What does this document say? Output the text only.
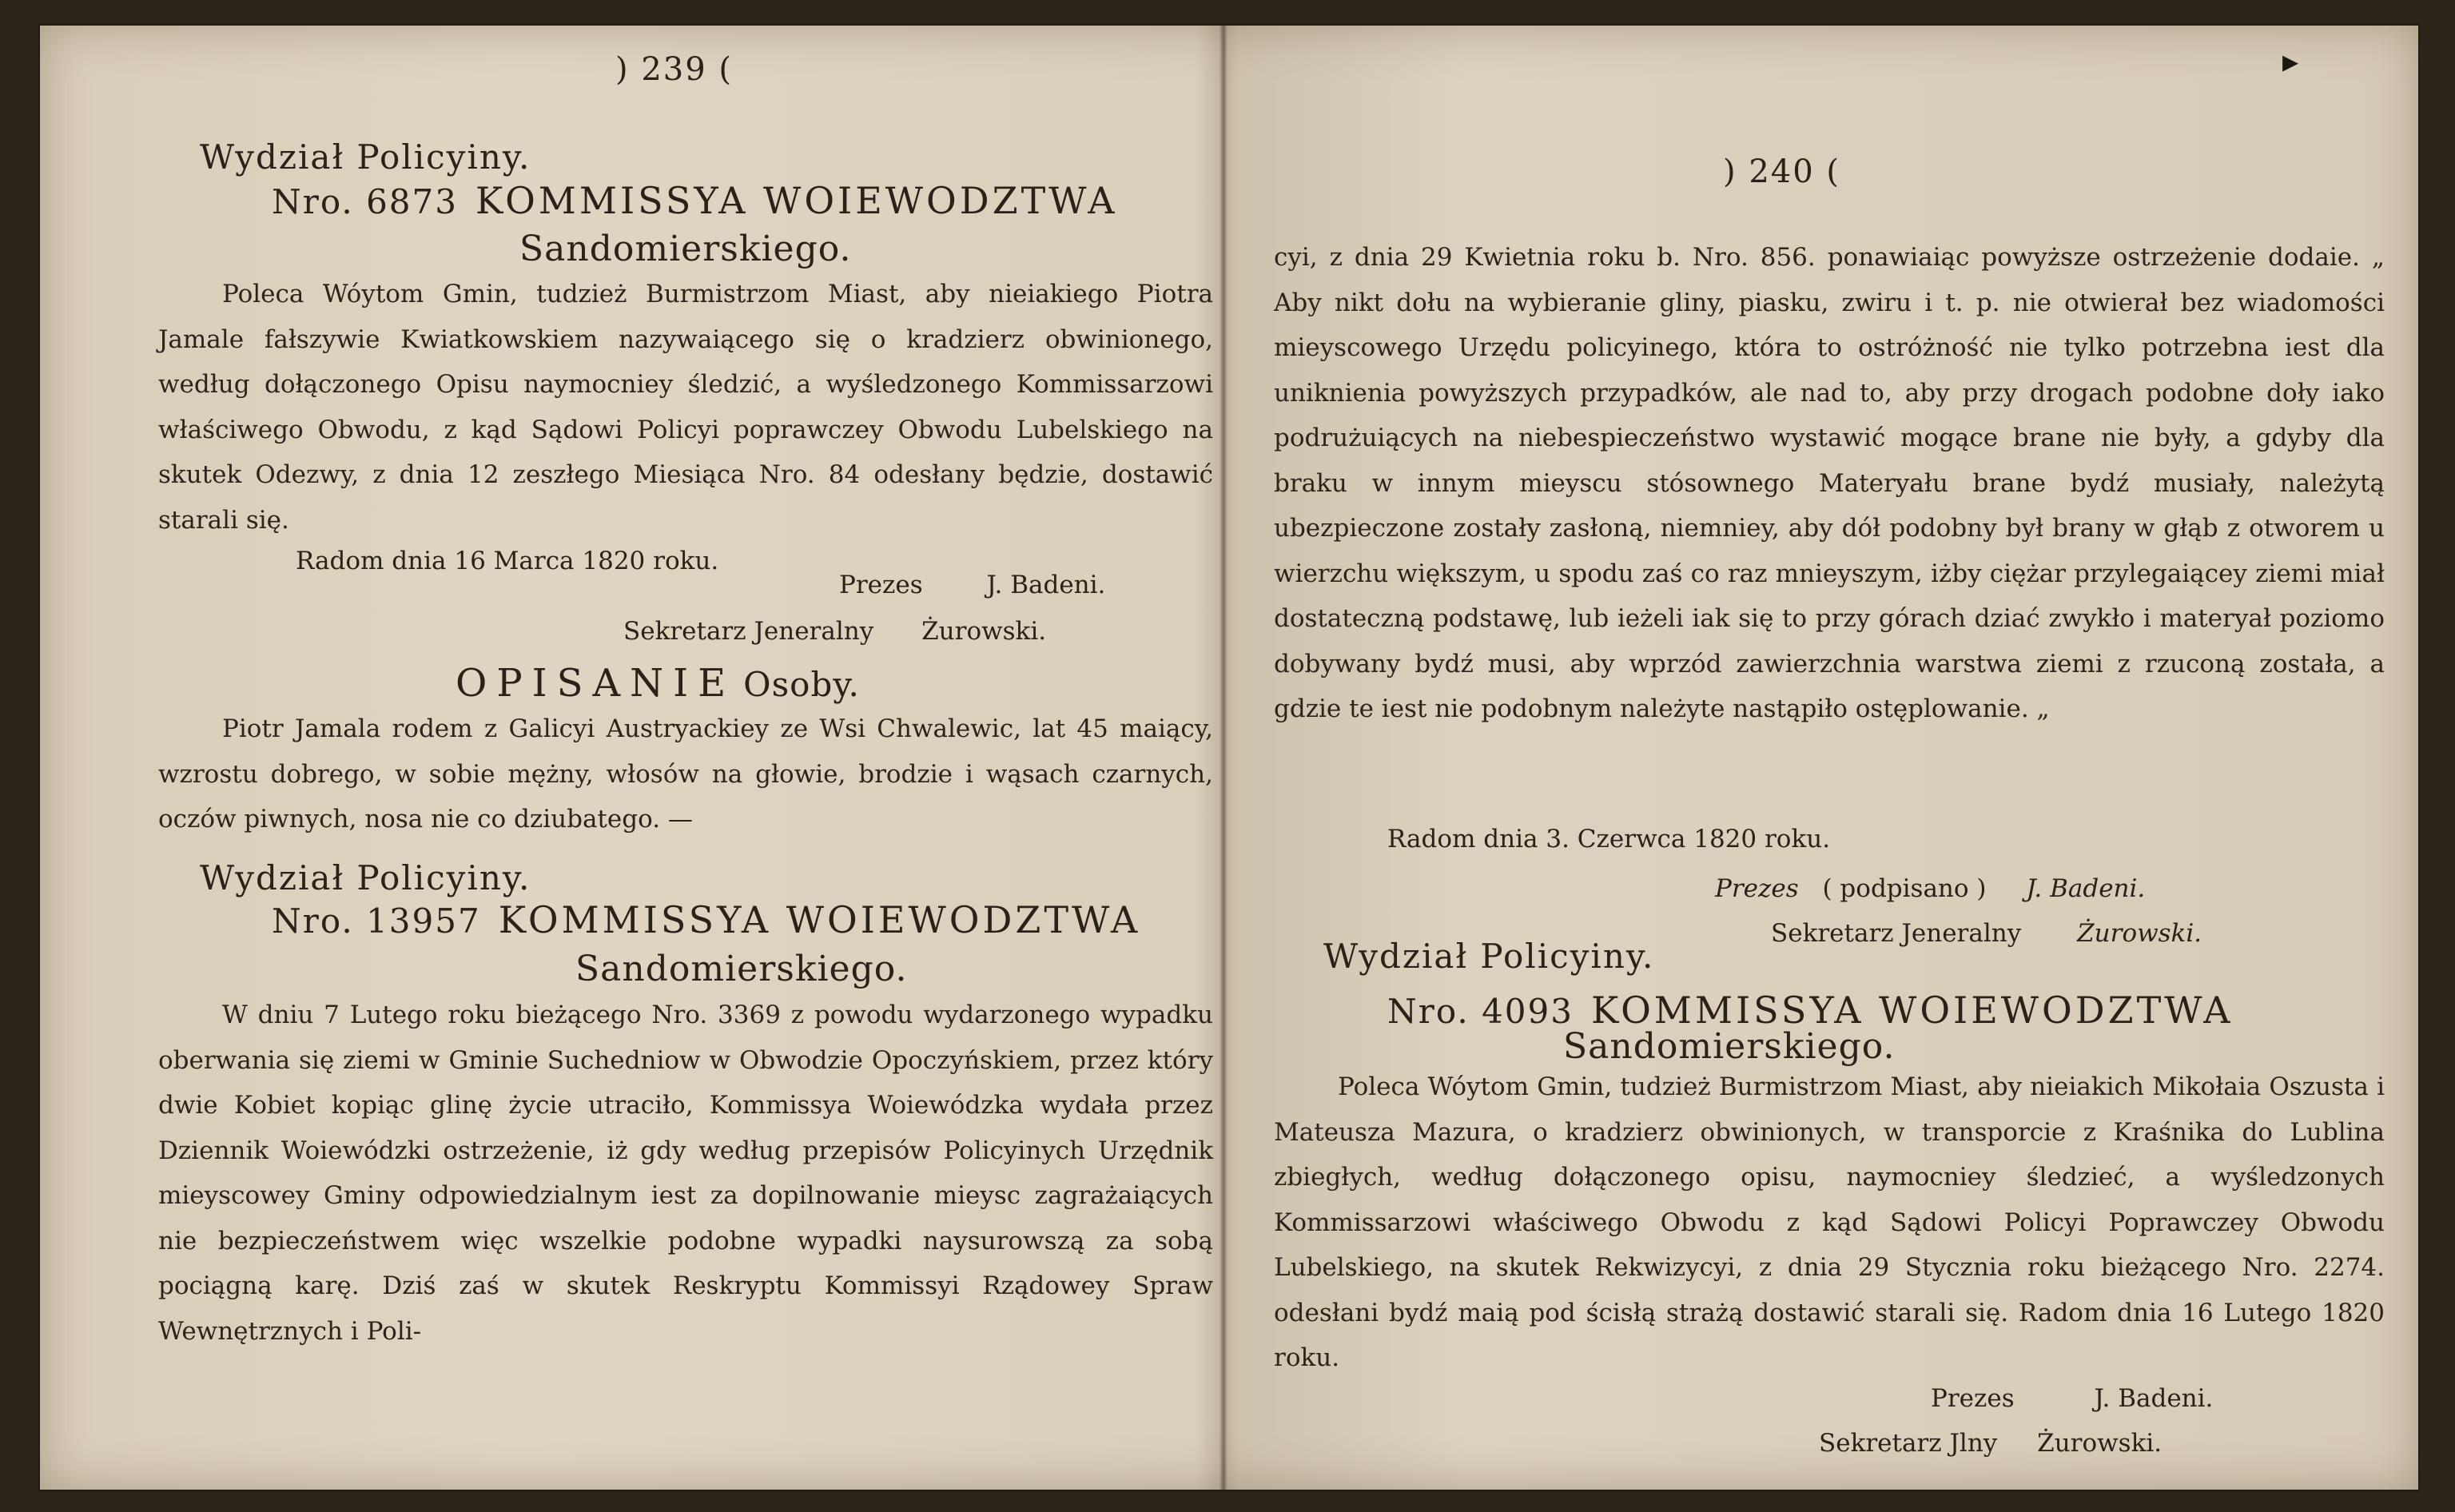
) 239 (
Wydział Policyiny.
Nro. 6873 KOMMISSYA WOIEWODZTWA
Sandomierskiego.
Poleca Wóytom Gmin, tudzież Burmistrzom Miast, aby nieiakiego Piotra Jamale fałszywie Kwiatkowskiem nazywaiącego się o kradzierz obwinionego, według dołączonego Opisu naymocniey śledzić, a wyśledzonego Kommissarzowi właściwego Obwodu, z kąd Sądowi Policyi poprawczey Obwodu Lubelskiego na skutek Odezwy, z dnia 12 zeszłego Miesiąca Nro. 84 odesłany będzie, dostawić starali się.
Radom dnia 16 Marca 1820 roku.
Prezes	J. Badeni.
Sekretarz Jeneralny Żurowski.
OPISANIE Osoby.
Piotr Jamala rodem z Galicyi Austryackiey ze Wsi Chwalewic, lat 45 maiący, wzrostu dobrego, w sobie mężny, włosów na głowie, brodzie i wąsach czarnych, oczów piwnych, nosa nie co dziubatego. —
Wydział Policyiny.
Nro. 13957 KOMMISSYA WOIEWODZTWA
Sandomierskiego.
W dniu 7 Lutego roku bieżącego Nro. 3369 z powodu wydarzonego wypadku oberwania się ziemi w Gminie Suchedniow w Obwodzie Opoczyńskiem, przez który dwie Kobiet kopiąc glinę życie utraciło, Kommissya Woiewódzka wydała przez Dziennik Woiewódzki ostrzeżenie, iż gdy według przepisów Policyinych Urzędnik mieyscowey Gminy odpowiedzialnym iest za dopilnowanie mieysc zagrażaiących nie bezpieczeństwem więc wszelkie podobne wypadki naysurowszą za sobą pociągną karę. Dziś zaś w skutek Reskryptu Kommissyi Rządowey Spraw Wewnętrznych i Poli-
▸
) 240 (
cyi, z dnia 29 Kwietnia roku b. Nro. 856. ponawiaiąc powyższe ostrzeżenie dodaie. „ Aby nikt dołu na wybieranie gliny, piasku, zwiru i t. p. nie otwierał bez wiadomości mieyscowego Urzędu policyinego, która to ostróżność nie tylko potrzebna iest dla uniknienia powyższych przypadków, ale nad to, aby przy drogach podobne doły iako podrużuiących na niebespieczeństwo wystawić mogące brane nie były, a gdyby dla braku w innym mieyscu stósownego Materyału brane bydź musiały, należytą ubezpieczone zostały zasłoną, niemniey, aby dół podobny był brany w głąb z otworem u wierzchu większym, u spodu zaś co raz mnieyszym, iżby ciężar przylegaiącey ziemi miał dostateczną podstawę, lub ieżeli iak się to przy górach dziać zwykło i materyał poziomo dobywany bydź musi, aby wprzód zawierzchnia warstwa ziemi z rzuconą została, a gdzie te iest nie podobnym należyte nastąpiło ostęplowanie. „
Radom dnia 3. Czerwca 1820 roku.
Prezes ( podpisano ) J. Badeni.
Sekretarz Jeneralny Żurowski.
Wydział Policyiny.
Nro. 4093 KOMMISSYA WOIEWODZTWA
Sandomierskiego.
Poleca Wóytom Gmin, tudzież Burmistrzom Miast, aby nieiakich Mikołaia Oszusta i Mateusza Mazura, o kradzierz obwinionych, w transporcie z Kraśnika do Lublina zbiegłych, według dołączonego opisu, naymocniey śledzieć, a wyśledzonych Kommissarzowi właściwego Obwodu z kąd Sądowi Policyi Poprawczey Obwodu Lubelskiego, na skutek Rekwizycyi, z dnia 29 Stycznia roku bieżącego Nro. 2274. odesłani bydź maią pod ścisłą strażą dostawić starali się. Radom dnia 16 Lutego 1820 roku.
Prezes	J. Badeni.
Sekretarz Jlny Żurowski.
